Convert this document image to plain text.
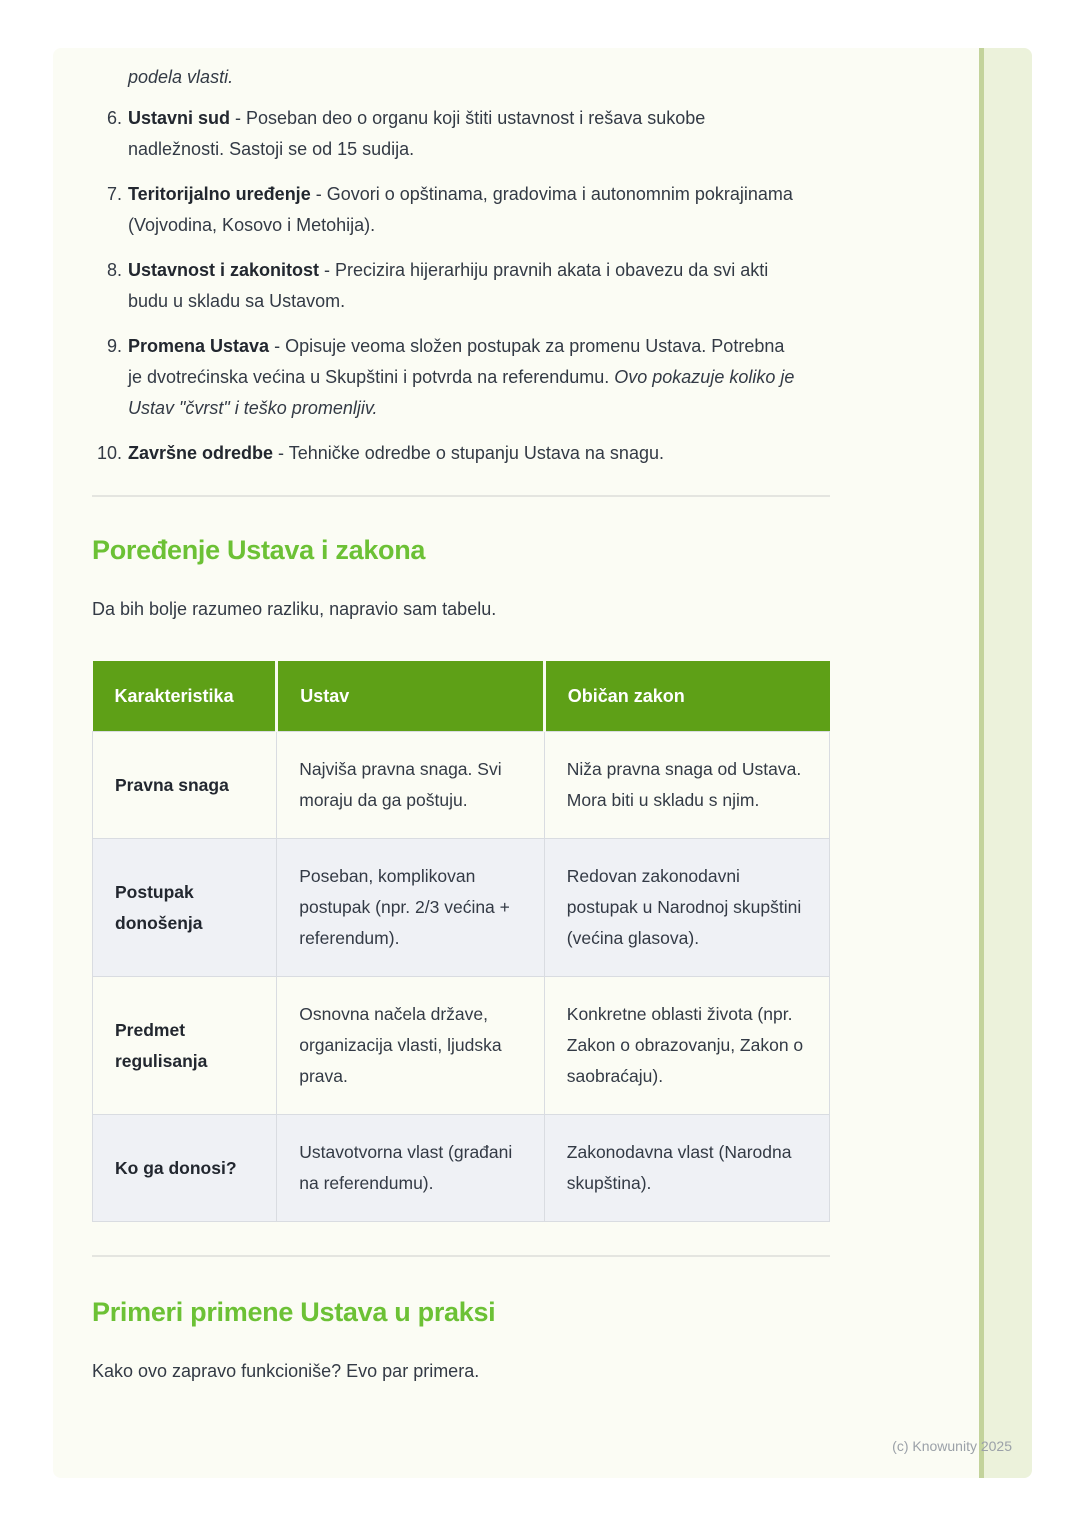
podela vlasti.

6. Ustavni sud - Poseban deo o organu koji štiti ustavnost i rešava sukobe nadležnosti. Sastoji se od 15 sudija.
7. Teritorijalno uređenje - Govori o opštinama, gradovima i autonomnim pokrajinama (Vojvodina, Kosovo i Metohija).
8. Ustavnost i zakonitost - Precizira hijerarhiju pravnih akata i obavezu da svi akti budu u skladu sa Ustavom.
9. Promena Ustava - Opisuje veoma složen postupak za promenu Ustava. Potrebna je dvotrećinska većina u Skupštini i potvrda na referendumu. Ovo pokazuje koliko je Ustav "čvrst" i teško promenljiv.
10. Završne odredbe - Tehničke odredbe o stupanju Ustava na snagu.
Poređenje Ustava i zakona

Da bih bolje razumeo razliku, napravio sam tabelu.

Karakteristika	Ustav	Običan zakon
Pravna snaga	Najviša pravna snaga. Svi moraju da ga poštuju.	Niža pravna snaga od Ustava. Mora biti u skladu s njim.
Postupak donošenja	Poseban, komplikovan postupak (npr. 2/3 većina + referendum).	Redovan zakonodavni postupak u Narodnoj skupštini (većina glasova).
Predmet regulisanja	Osnovna načela države, organizacija vlasti, ljudska prava.	Konkretne oblasti života (npr. Zakon o obrazovanju, Zakon o saobraćaju).
Ko ga donosi?	Ustavotvorna vlast (građani na referendumu).	Zakonodavna vlast (Narodna skupština).
Primeri primene Ustava u praksi

Kako ovo zapravo funkcioniše? Evo par primera.

(c) Knowunity 2025
